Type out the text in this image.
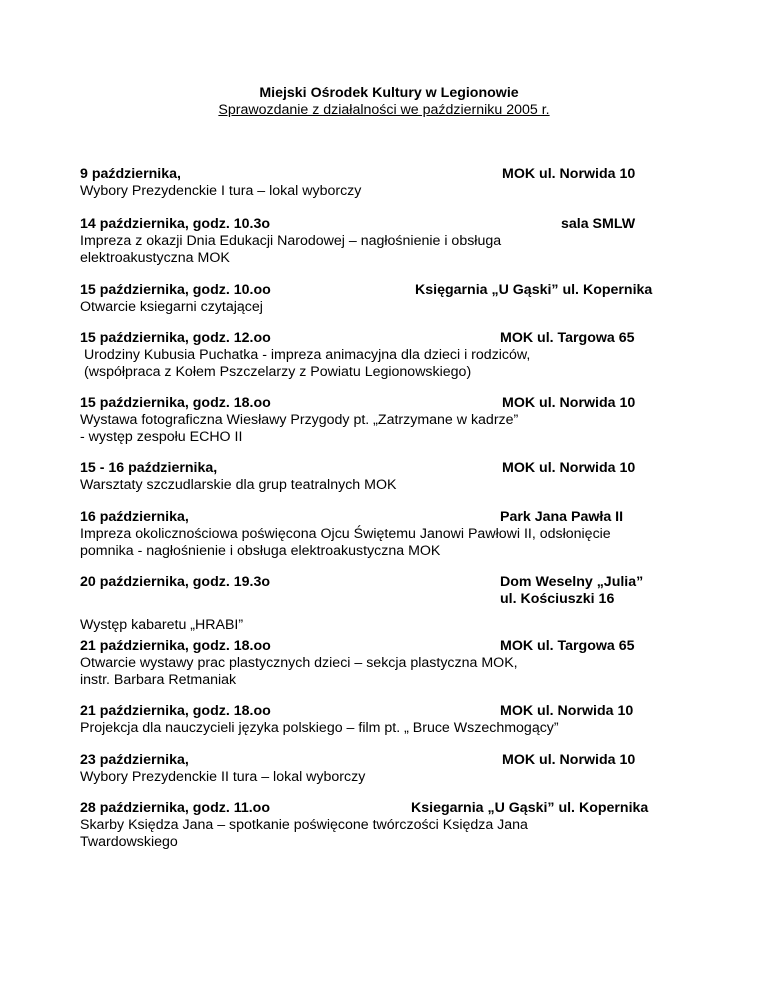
Miejski Ośrodek Kultury w Legionowie
Sprawozdanie z działalności we październiku 2005 r.
9 października,	MOK ul. Norwida 10
Wybory Prezydenckie I tura – lokal wyborczy
14 października, godz. 10.3o	sala SMLW
Impreza z okazji Dnia Edukacji Narodowej – nagłośnienie i obsługa
elektroakustyczna MOK
15 października, godz. 10.oo	Księgarnia „U Gąski” ul. Kopernika
Otwarcie ksiegarni czytającej
15 października, godz. 12.oo	MOK ul. Targowa 65
Urodziny Kubusia Puchatka - impreza animacyjna dla dzieci i rodziców,
(współpraca z Kołem Pszczelarzy z Powiatu Legionowskiego)
15 października, godz. 18.oo	MOK ul. Norwida 10
Wystawa fotograficzna Wiesławy Przygody pt. „Zatrzymane w kadrze”
- występ zespołu ECHO II
15 - 16 października,	MOK ul. Norwida 10
Warsztaty szczudlarskie dla grup teatralnych MOK
16 października,	Park Jana Pawła II
Impreza okolicznościowa poświęcona Ojcu Świętemu Janowi Pawłowi II, odsłonięcie
pomnika - nagłośnienie i obsługa elektroakustyczna MOK
20 października, godz. 19.3o	Dom Weselny „Julia”
ul. Kościuszki 16
Występ kabaretu „HRABI”
21 października, godz. 18.oo	MOK ul. Targowa 65
Otwarcie wystawy prac plastycznych dzieci – sekcja plastyczna MOK,
instr. Barbara Retmaniak
21 października, godz. 18.oo	MOK ul. Norwida 10
Projekcja dla nauczycieli języka polskiego – film pt. „ Bruce Wszechmogący”
23 października,	MOK ul. Norwida 10
Wybory Prezydenckie II tura – lokal wyborczy
28 października, godz. 11.oo	Ksiegarnia „U Gąski” ul. Kopernika
Skarby Księdza Jana – spotkanie poświęcone twórczości Księdza Jana
Twardowskiego
